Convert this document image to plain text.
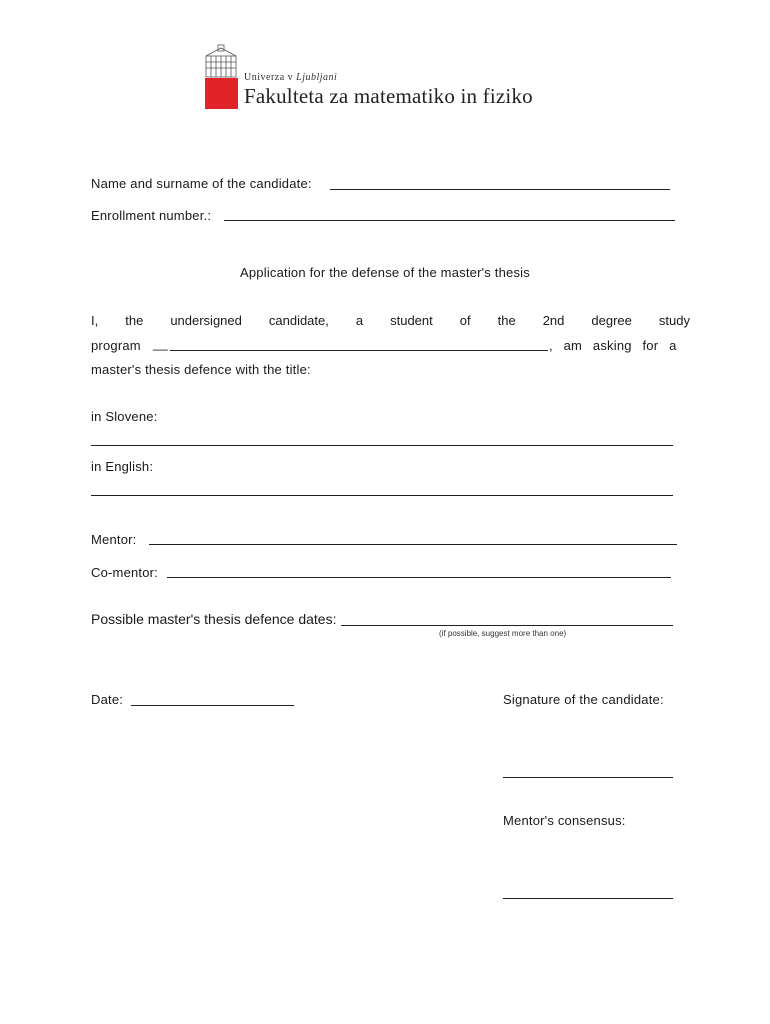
Univerza v Ljubljani
Fakulteta za matematiko in fiziko
Name and surname of the candidate:
Enrollment number.:
Application for the defense of the master's thesis
I, the undersigned candidate, a student of the 2nd degree study
program __	, am asking for a
master's thesis defence with the title:
in Slovene:
in English:
Mentor:
Co-mentor:
Possible master's thesis defence dates:
(if possible, suggest more than one)
Date:	Signature of the candidate:
Mentor's consensus:
